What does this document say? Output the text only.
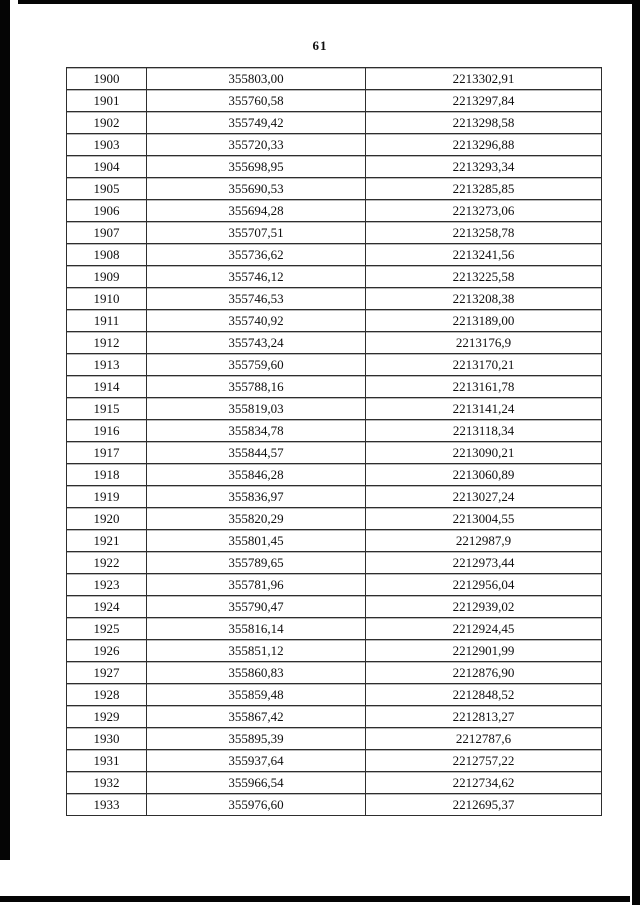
61
1900	355803,00	2213302,91
1901	355760,58	2213297,84
1902	355749,42	2213298,58
1903	355720,33	2213296,88
1904	355698,95	2213293,34
1905	355690,53	2213285,85
1906	355694,28	2213273,06
1907	355707,51	2213258,78
1908	355736,62	2213241,56
1909	355746,12	2213225,58
1910	355746,53	2213208,38
1911	355740,92	2213189,00
1912	355743,24	2213176,9
1913	355759,60	2213170,21
1914	355788,16	2213161,78
1915	355819,03	2213141,24
1916	355834,78	2213118,34
1917	355844,57	2213090,21
1918	355846,28	2213060,89
1919	355836,97	2213027,24
1920	355820,29	2213004,55
1921	355801,45	2212987,9
1922	355789,65	2212973,44
1923	355781,96	2212956,04
1924	355790,47	2212939,02
1925	355816,14	2212924,45
1926	355851,12	2212901,99
1927	355860,83	2212876,90
1928	355859,48	2212848,52
1929	355867,42	2212813,27
1930	355895,39	2212787,6
1931	355937,64	2212757,22
1932	355966,54	2212734,62
1933	355976,60	2212695,37
